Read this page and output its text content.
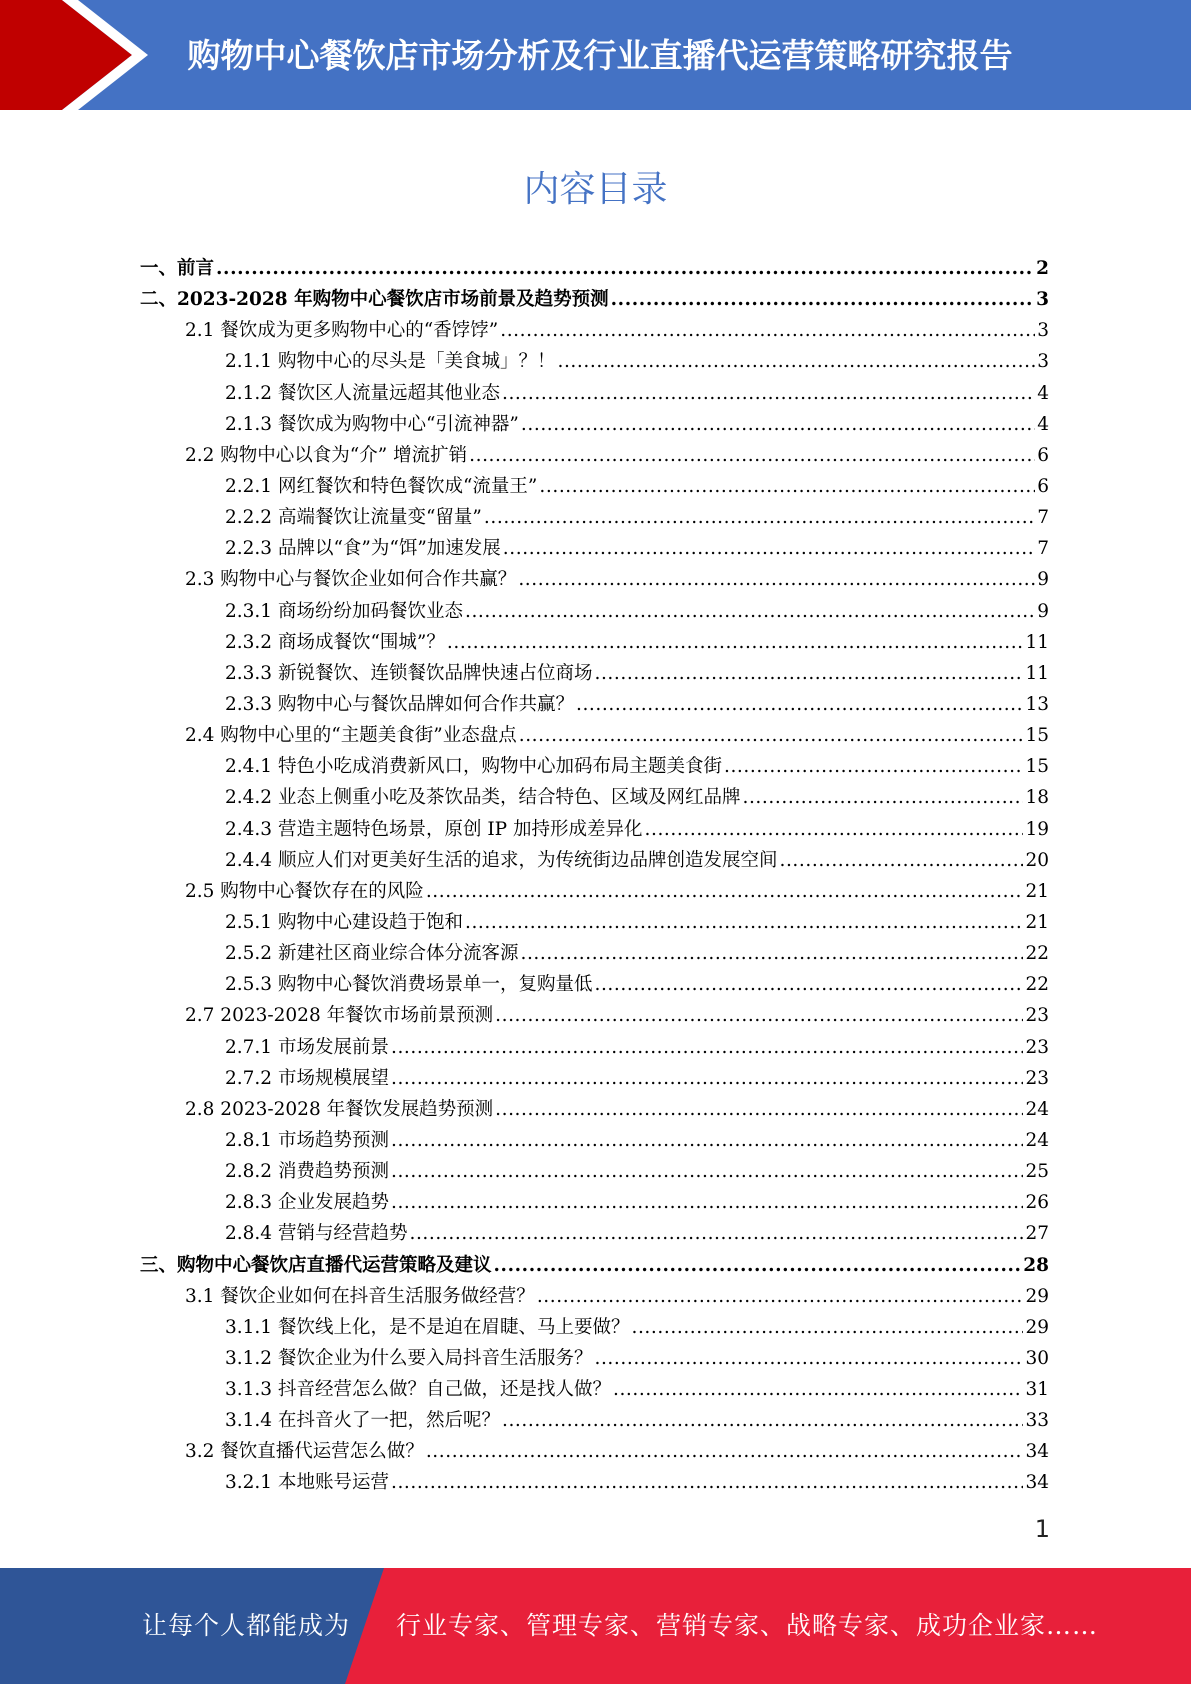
购物中心餐饮店市场分析及行业直播代运营策略研究报告
内容目录
一、前言 .....	2
二、2023-2028 年购物中心餐饮店市场前景及趋势预测 .....	3
2.1 餐饮成为更多购物中心的“香饽饽” .....	3
2.1.1 购物中心的尽头是「美食城」？！ .....	3
2.1.2 餐饮区人流量远超其他业态 .....	4
2.1.3 餐饮成为购物中心“引流神器” .....	4
2.2 购物中心以食为“介” 增流扩销 .....	6
2.2.1 网红餐饮和特色餐饮成“流量王” .....	6
2.2.2 高端餐饮让流量变“留量” .....	7
2.2.3 品牌以“食”为“饵”加速发展 .....	7
2.3 购物中心与餐饮企业如何合作共赢？ .....	9
2.3.1 商场纷纷加码餐饮业态 .....	9
2.3.2 商场成餐饮“围城”？ .....	11
2.3.3 新锐餐饮、连锁餐饮品牌快速占位商场 .....	11
2.3.3 购物中心与餐饮品牌如何合作共赢？ .....	13
2.4 购物中心里的“主题美食街”业态盘点 .....	15
2.4.1 特色小吃成消费新风口，购物中心加码布局主题美食街 .....	15
2.4.2 业态上侧重小吃及茶饮品类，结合特色、区域及网红品牌 .....	18
2.4.3 营造主题特色场景，原创 IP 加持形成差异化 .....	19
2.4.4 顺应人们对更美好生活的追求，为传统街边品牌创造发展空间 .....	20
2.5 购物中心餐饮存在的风险 .....	21
2.5.1 购物中心建设趋于饱和 .....	21
2.5.2 新建社区商业综合体分流客源 .....	22
2.5.3 购物中心餐饮消费场景单一，复购量低 .....	22
2.7 2023-2028 年餐饮市场前景预测 .....	23
2.7.1 市场发展前景 .....	23
2.7.2 市场规模展望 .....	23
2.8 2023-2028 年餐饮发展趋势预测 .....	24
2.8.1 市场趋势预测 .....	24
2.8.2 消费趋势预测 .....	25
2.8.3 企业发展趋势 .....	26
2.8.4 营销与经营趋势 .....	27
三、购物中心餐饮店直播代运营策略及建议 .....	28
3.1 餐饮企业如何在抖音生活服务做经营？ .....	29
3.1.1 餐饮线上化，是不是迫在眉睫、马上要做？ .....	29
3.1.2 餐饮企业为什么要入局抖音生活服务？ .....	30
3.1.3 抖音经营怎么做？自己做，还是找人做？ .....	31
3.1.4 在抖音火了一把，然后呢？ .....	33
3.2 餐饮直播代运营怎么做？ .....	34
3.2.1 本地账号运营 .....	34
1
让每个人都能成为 行业专家、管理专家、营销专家、战略专家、成功企业家……
